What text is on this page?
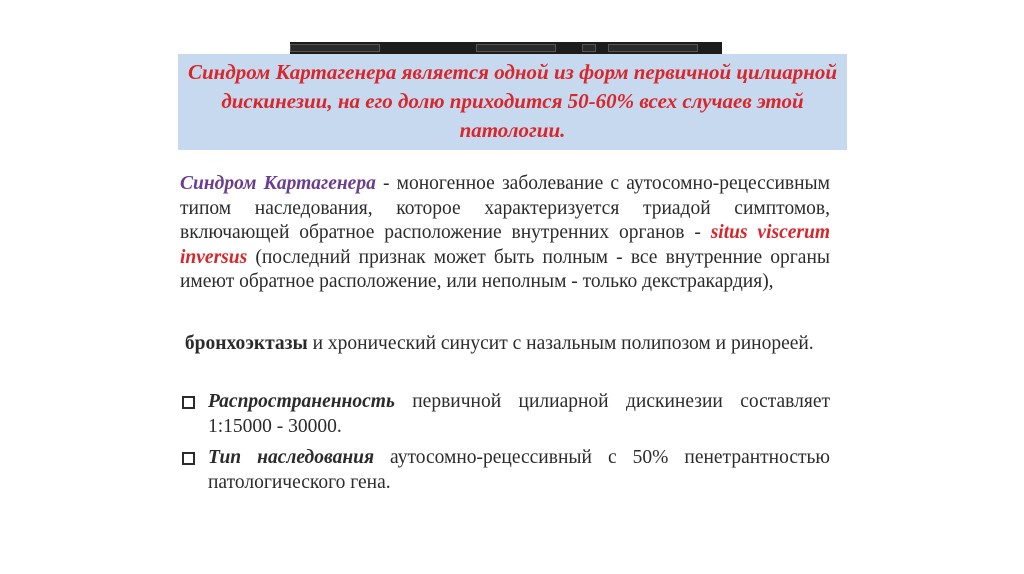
Синдром Картагенера является одной из форм первичной цилиарной дискинезии, на его долю приходится 50-60% всех случаев этой патологии.

Синдром Картагенера - моногенное заболевание с аутосомно-рецессивным типом наследования, которое характеризуется триадой симптомов, включающей обратное расположение внутренних органов - situs viscerum inversus (последний признак может быть полным - все внутренние органы имеют обратное расположение, или неполным - только декстракардия),

бронхоэктазы и хронический синусит с назальным полипозом и ринореей.

Распространенность первичной цилиарной дискинезии составляет 1:15000 - 30000.

Тип наследования аутосомно-рецессивный с 50% пенетрантностью патологического гена.
